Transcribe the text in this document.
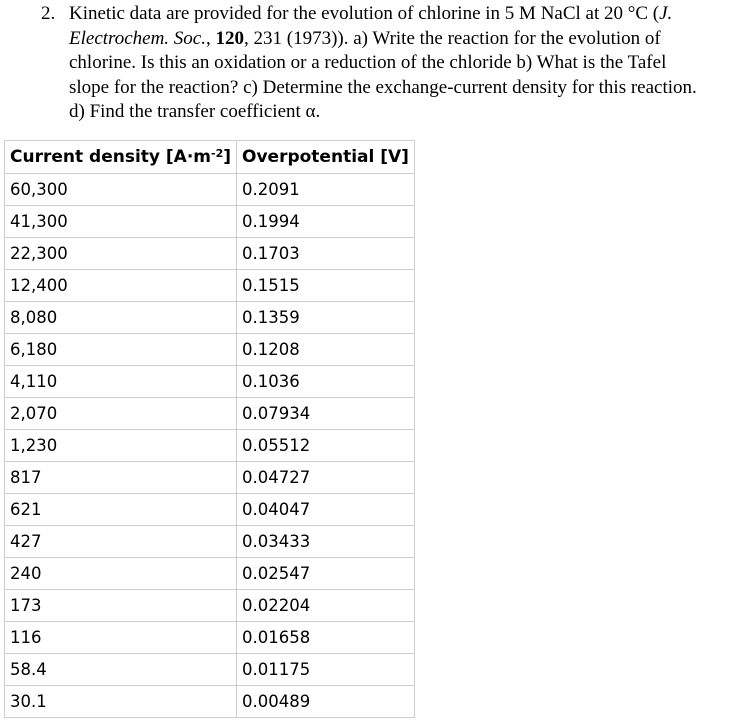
2. Kinetic data are provided for the evolution of chlorine in 5 M NaCl at 20 °C (J.
Electrochem. Soc., 120, 231 (1973)). a) Write the reaction for the evolution of
chlorine. Is this an oxidation or a reduction of the chloride b) What is the Tafel
slope for the reaction? c) Determine the exchange-current density for this reaction.
d) Find the transfer coefficient α.
Current density $[A\cdot m^{-2}]$	Overpotential [V]
60,300	0.2091
41,300	0.1994
22,300	0.1703
12,400	0.1515
8,080	0.1359
6,180	0.1208
4,110	0.1036
2,070	0.07934
1,230	0.05512
817	0.04727
621	0.04047
427	0.03433
240	0.02547
173	0.02204
116	0.01658
58.4	0.01175
30.1	0.00489
